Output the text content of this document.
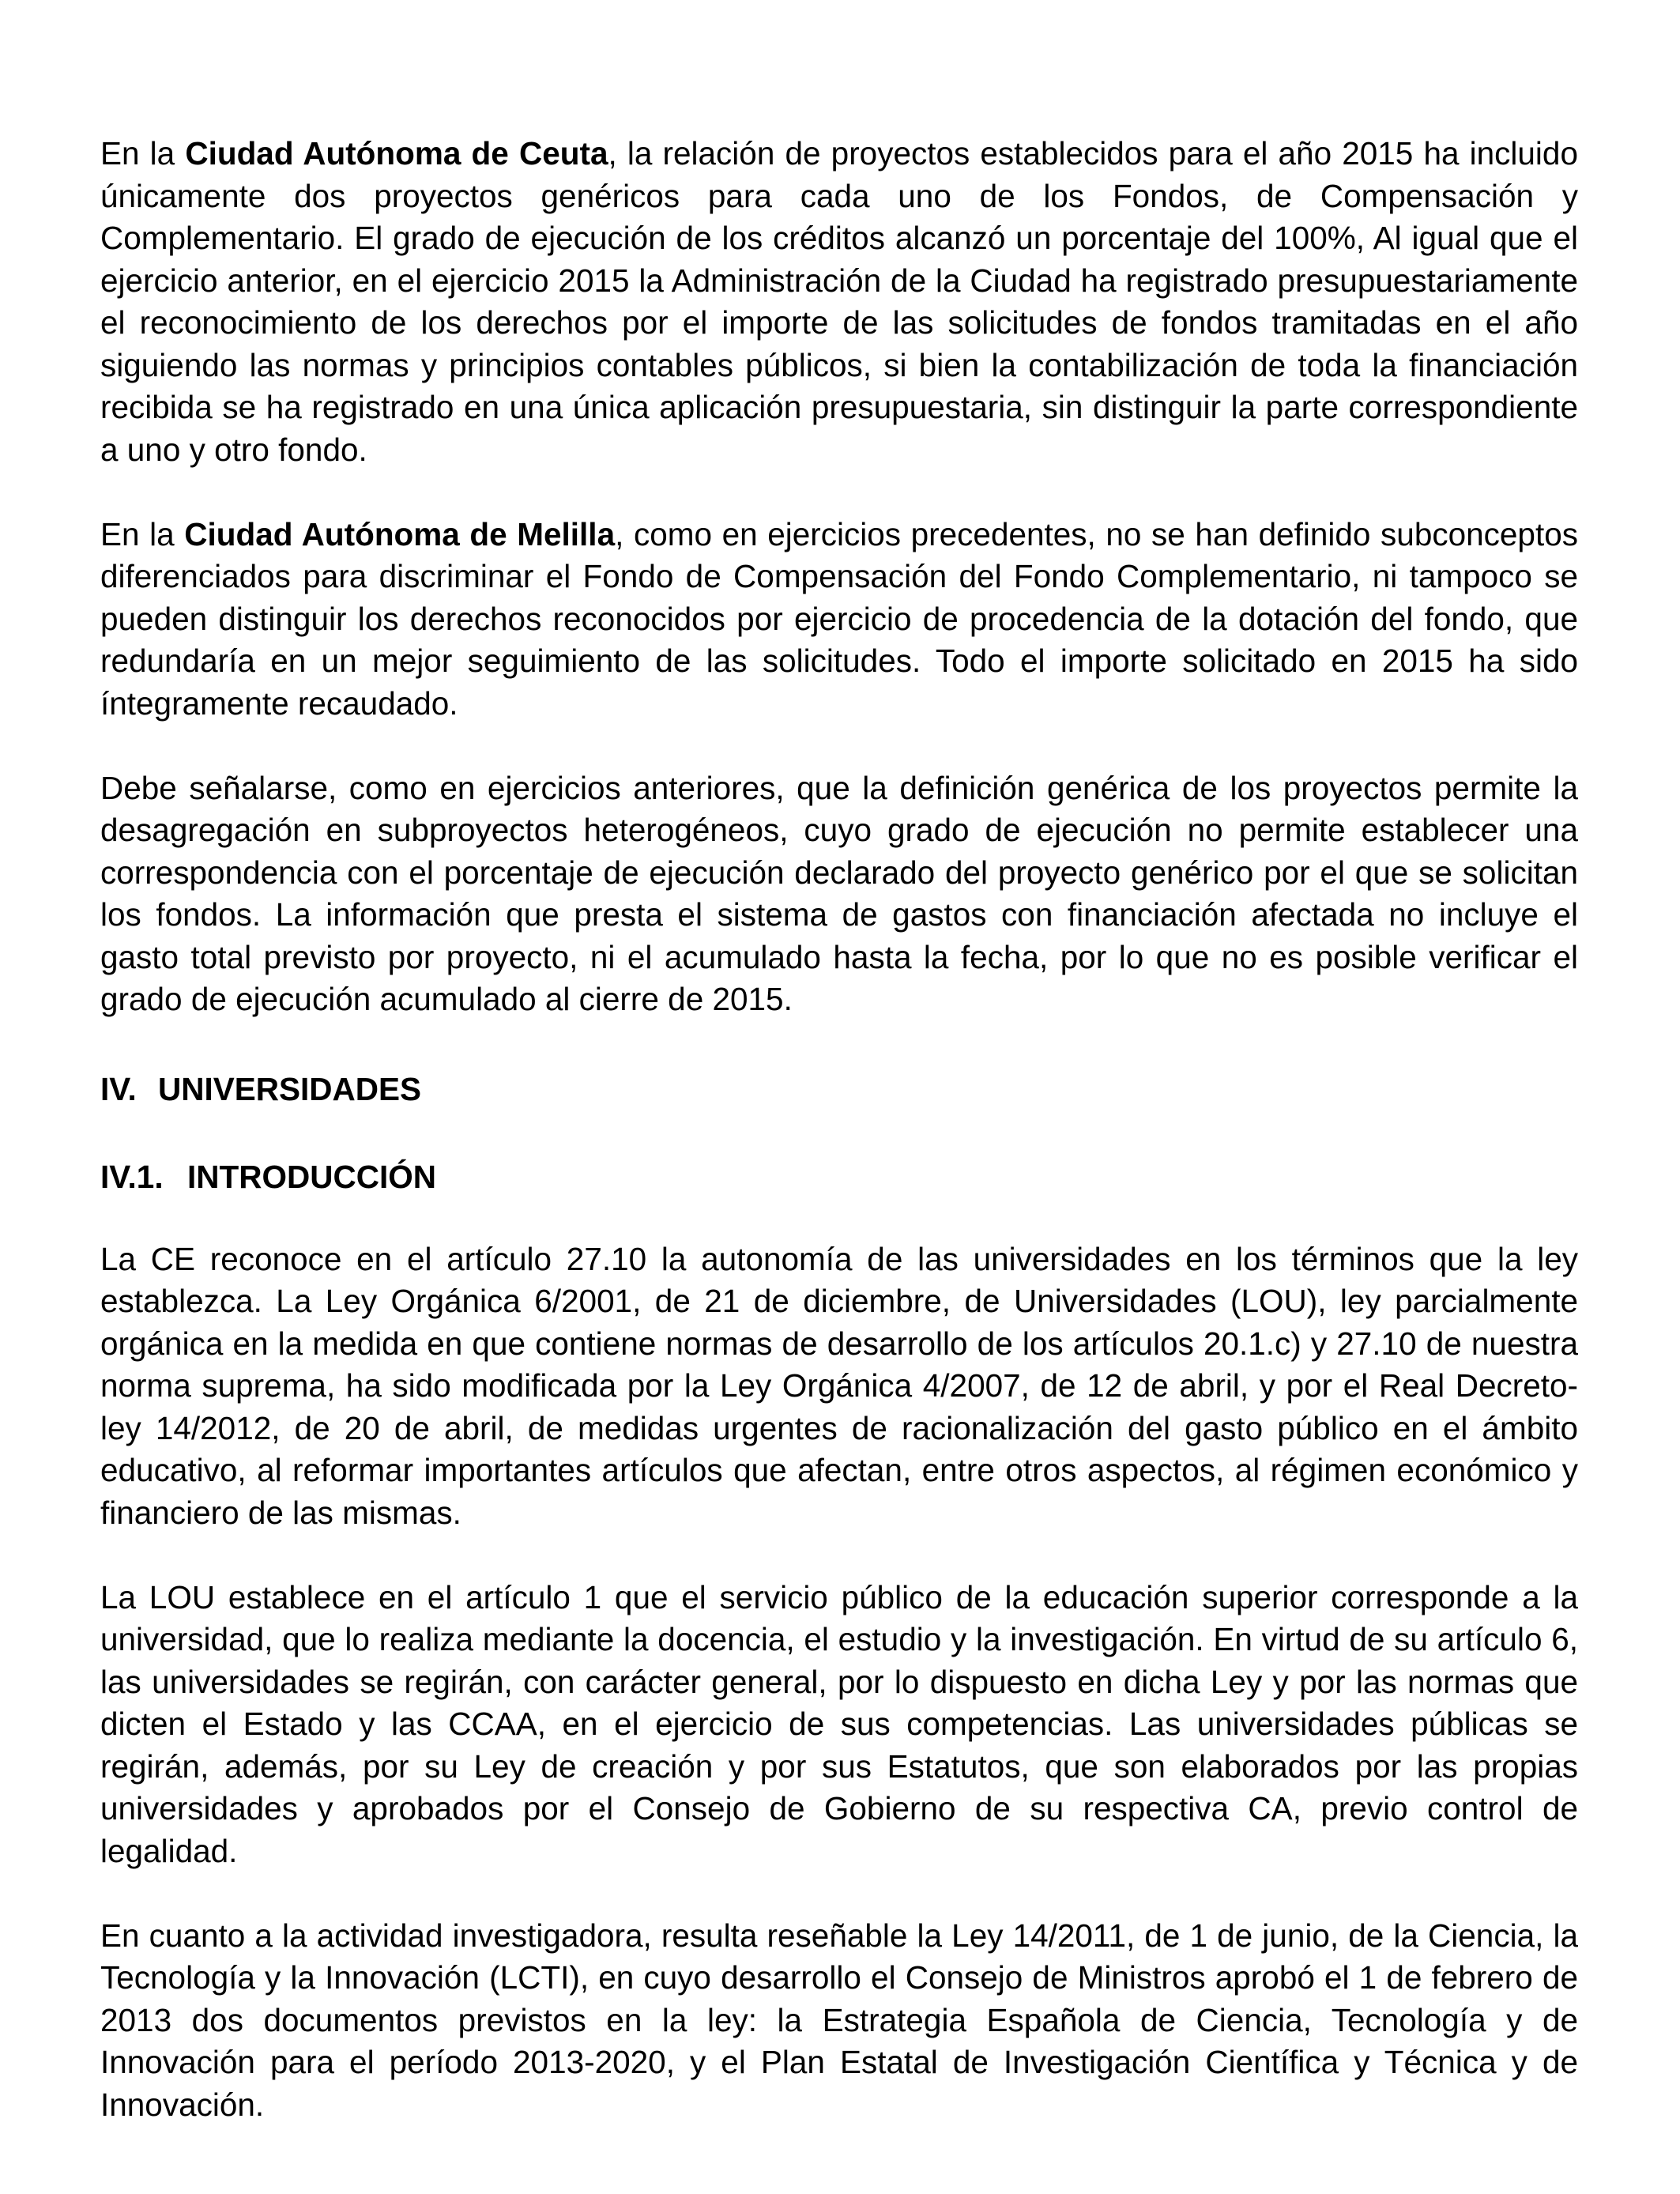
En la Ciudad Autónoma de Ceuta, la relación de proyectos establecidos para el año 2015 ha incluido únicamente dos proyectos genéricos para cada uno de los Fondos, de Compensación y Complementario. El grado de ejecución de los créditos alcanzó un porcentaje del 100%, Al igual que el ejercicio anterior, en el ejercicio 2015 la Administración de la Ciudad ha registrado presupuestariamente el reconocimiento de los derechos por el importe de las solicitudes de fondos tramitadas en el año siguiendo las normas y principios contables públicos, si bien la contabilización de toda la financiación recibida se ha registrado en una única aplicación presupuestaria, sin distinguir la parte correspondiente a uno y otro fondo.

En la Ciudad Autónoma de Melilla, como en ejercicios precedentes, no se han definido subconceptos diferenciados para discriminar el Fondo de Compensación del Fondo Complementario, ni tampoco se pueden distinguir los derechos reconocidos por ejercicio de procedencia de la dotación del fondo, que redundaría en un mejor seguimiento de las solicitudes. Todo el importe solicitado en 2015 ha sido íntegramente recaudado.

Debe señalarse, como en ejercicios anteriores, que la definición genérica de los proyectos permite la desagregación en subproyectos heterogéneos, cuyo grado de ejecución no permite establecer una correspondencia con el porcentaje de ejecución declarado del proyecto genérico por el que se solicitan los fondos. La información que presta el sistema de gastos con financiación afectada no incluye el gasto total previsto por proyecto, ni el acumulado hasta la fecha, por lo que no es posible verificar el grado de ejecución acumulado al cierre de 2015.

IV. UNIVERSIDADES
IV.1. INTRODUCCIÓN

La CE reconoce en el artículo 27.10 la autonomía de las universidades en los términos que la ley establezca. La Ley Orgánica 6/2001, de 21 de diciembre, de Universidades (LOU), ley parcialmente orgánica en la medida en que contiene normas de desarrollo de los artículos 20.1.c) y 27.10 de nuestra norma suprema, ha sido modificada por la Ley Orgánica 4/2007, de 12 de abril, y por el Real Decreto-ley 14/2012, de 20 de abril, de medidas urgentes de racionalización del gasto público en el ámbito educativo, al reformar importantes artículos que afectan, entre otros aspectos, al régimen económico y financiero de las mismas.

La LOU establece en el artículo 1 que el servicio público de la educación superior corresponde a la universidad, que lo realiza mediante la docencia, el estudio y la investigación. En virtud de su artículo 6, las universidades se regirán, con carácter general, por lo dispuesto en dicha Ley y por las normas que dicten el Estado y las CCAA, en el ejercicio de sus competencias. Las universidades públicas se regirán, además, por su Ley de creación y por sus Estatutos, que son elaborados por las propias universidades y aprobados por el Consejo de Gobierno de su respectiva CA, previo control de legalidad.

En cuanto a la actividad investigadora, resulta reseñable la Ley 14/2011, de 1 de junio, de la Ciencia, la Tecnología y la Innovación (LCTI), en cuyo desarrollo el Consejo de Ministros aprobó el 1 de febrero de 2013 dos documentos previstos en la ley: la Estrategia Española de Ciencia, Tecnología y de Innovación para el período 2013-2020, y el Plan Estatal de Investigación Científica y Técnica y de Innovación.
